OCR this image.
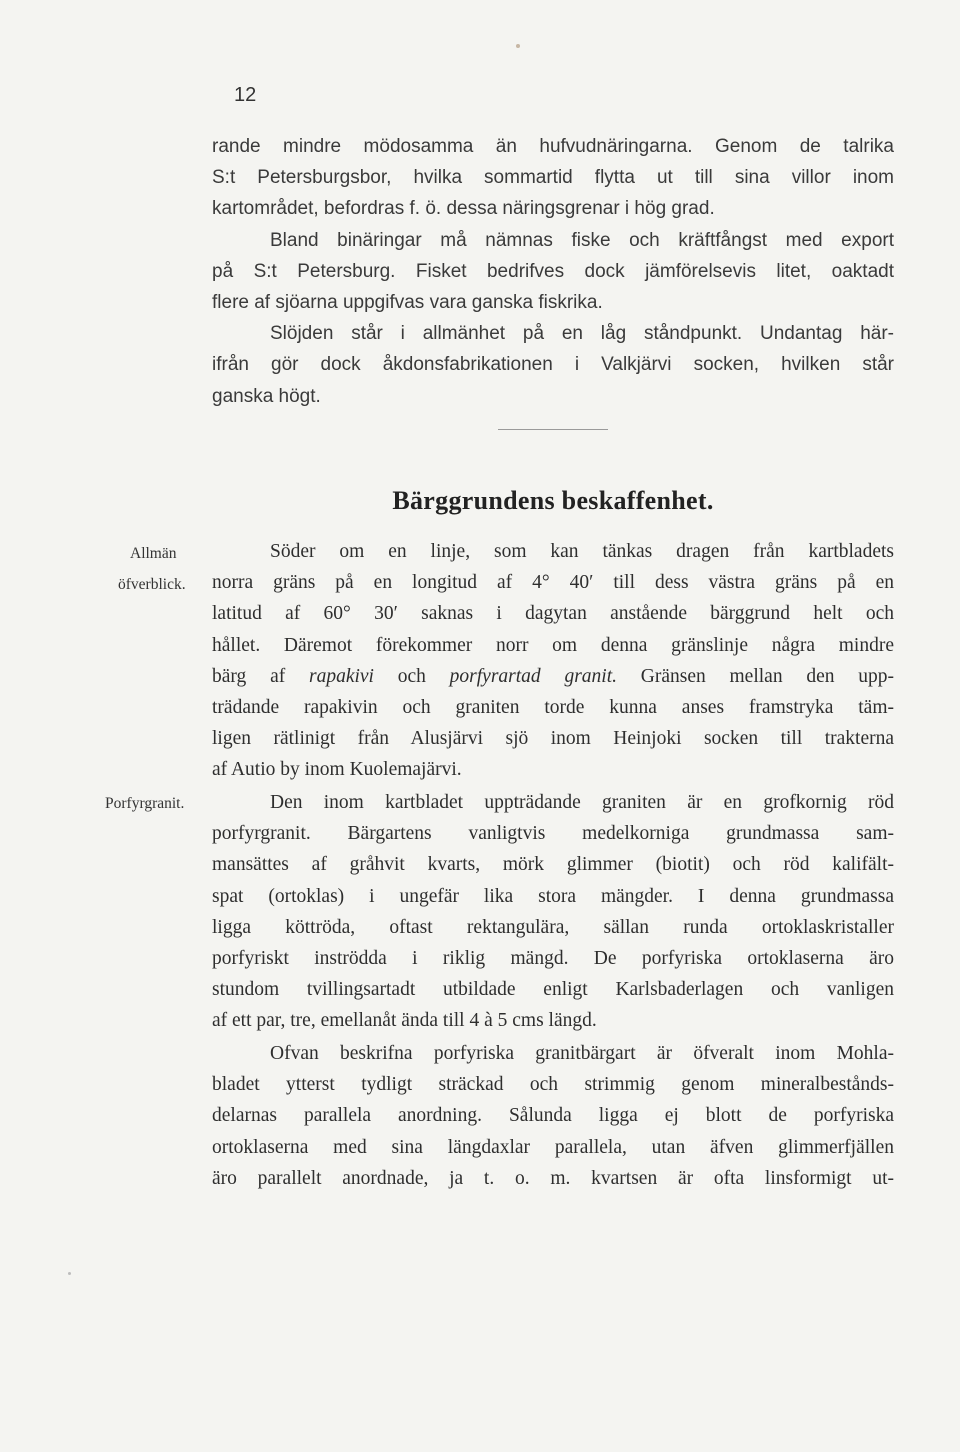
12
rande mindre mödosamma än hufvudnäringarna. Genom de talrika
S:t Petersburgsbor, hvilka sommartid flytta ut till sina villor inom
kartområdet, befordras f. ö. dessa näringsgrenar i hög grad.
Bland binäringar må nämnas fiske och kräftfångst med export
på S:t Petersburg. Fisket bedrifves dock jämförelsevis litet, oaktadt
flere af sjöarna uppgifvas vara ganska fiskrika.
Slöjden står i allmänhet på en låg ståndpunkt. Undantag här-
ifrån gör dock åkdonsfabrikationen i Valkjärvi socken, hvilken står
ganska högt.
Bärggrundens beskaffenhet.
Allmän
öfverblick.
Söder om en linje, som kan tänkas dragen från kartbladets
norra gräns på en longitud af 4° 40′ till dess västra gräns på en
latitud af 60° 30′ saknas i dagytan anstående bärggrund helt och
hållet. Däremot förekommer norr om denna gränslinje några mindre
bärg af rapakivi och porfyrartad granit. Gränsen mellan den upp-
trädande rapakivin och graniten torde kunna anses framstryka täm-
ligen rätlinigt från Alusjärvi sjö inom Heinjoki socken till trakterna
af Autio by inom Kuolemajärvi.
Porfyrgranit.	Den inom kartbladet uppträdande graniten är en grofkornig röd
porfyrgranit. Bärgartens vanligtvis medelkorniga grundmassa sam-
mansättes af gråhvit kvarts, mörk glimmer (biotit) och röd kalifält-
spat (ortoklas) i ungefär lika stora mängder. I denna grundmassa
ligga köttröda, oftast rektangulära, sällan runda ortoklaskristaller
porfyriskt inströdda i riklig mängd. De porfyriska ortoklaserna äro
stundom tvillingsartadt utbildade enligt Karlsbaderlagen och vanligen
af ett par, tre, emellanåt ända till 4 à 5 cms längd.
Ofvan beskrifna porfyriska granitbärgart är öfveralt inom Mohla-
bladet ytterst tydligt sträckad och strimmig genom mineralbestånds-
delarnas parallela anordning. Sålunda ligga ej blott de porfyriska
ortoklaserna med sina längdaxlar parallela, utan äfven glimmerfjällen
äro parallelt anordnade, ja t. o. m. kvartsen är ofta linsformigt ut-
